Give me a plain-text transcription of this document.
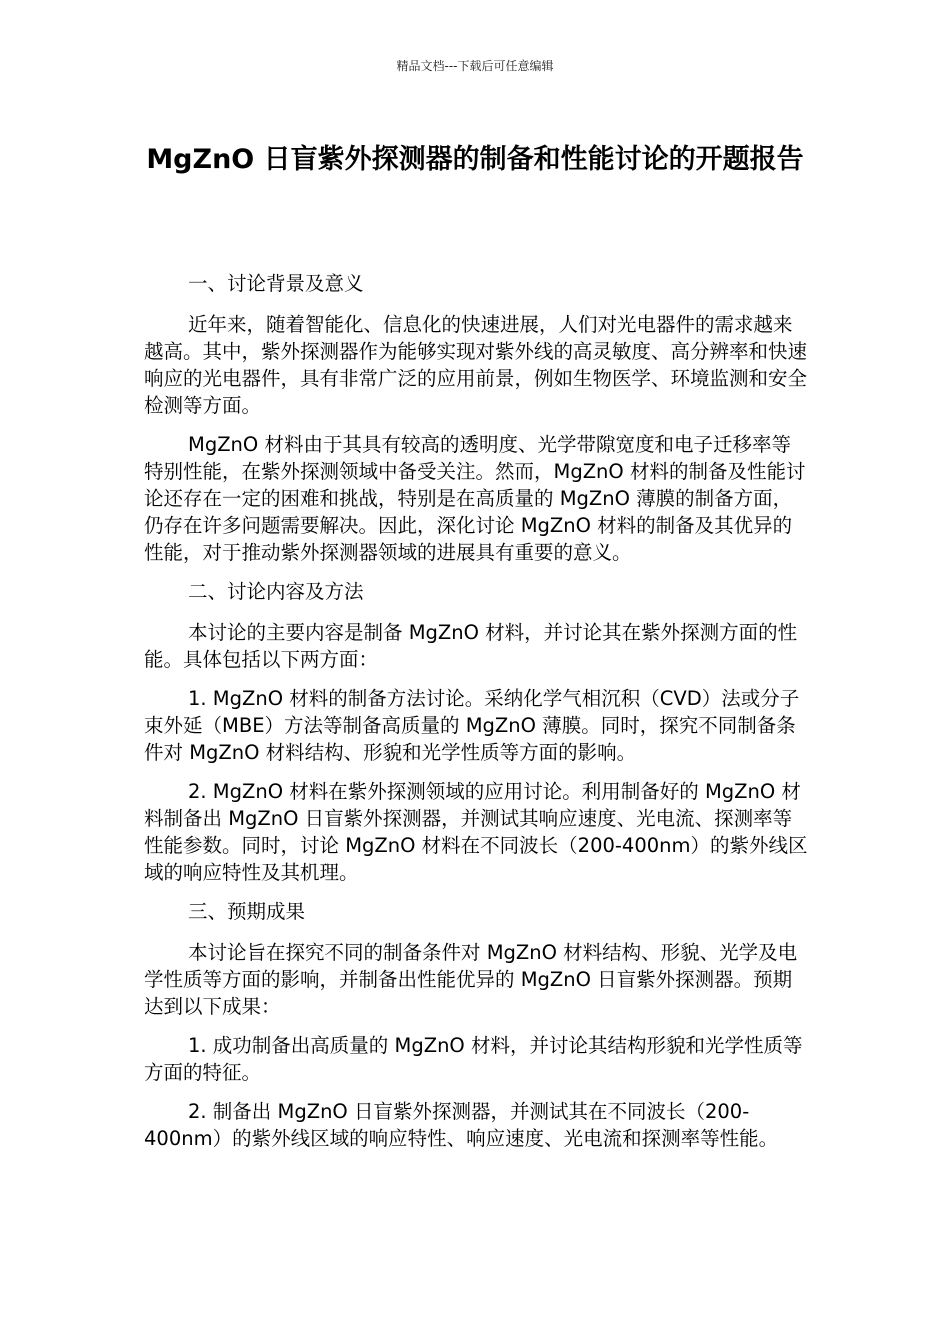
精品文档---下载后可任意编辑
MgZnO 日盲紫外探测器的制备和性能讨论的开题报告

一、讨论背景及意义

近年来，随着智能化、信息化的快速进展，人们对光电器件的需求越来越高。其中，紫外探测器作为能够实现对紫外线的高灵敏度、高分辨率和快速响应的光电器件，具有非常广泛的应用前景，例如生物医学、环境监测和安全检测等方面。

MgZnO 材料由于其具有较高的透明度、光学带隙宽度和电子迁移率等特别性能，在紫外探测领域中备受关注。然而，MgZnO 材料的制备及性能讨论还存在一定的困难和挑战，特别是在高质量的 MgZnO 薄膜的制备方面，仍存在许多问题需要解决。因此，深化讨论 MgZnO 材料的制备及其优异的性能，对于推动紫外探测器领域的进展具有重要的意义。

二、讨论内容及方法

本讨论的主要内容是制备 MgZnO 材料，并讨论其在紫外探测方面的性能。具体包括以下两方面：

1. MgZnO 材料的制备方法讨论。采纳化学气相沉积（CVD）法或分子束外延（MBE）方法等制备高质量的 MgZnO 薄膜。同时，探究不同制备条件对 MgZnO 材料结构、形貌和光学性质等方面的影响。

2. MgZnO 材料在紫外探测领域的应用讨论。利用制备好的 MgZnO 材料制备出 MgZnO 日盲紫外探测器，并测试其响应速度、光电流、探测率等性能参数。同时，讨论 MgZnO 材料在不同波长（200-400nm）的紫外线区域的响应特性及其机理。

三、预期成果

本讨论旨在探究不同的制备条件对 MgZnO 材料结构、形貌、光学及电学性质等方面的影响，并制备出性能优异的 MgZnO 日盲紫外探测器。预期达到以下成果：

1. 成功制备出高质量的 MgZnO 材料，并讨论其结构形貌和光学性质等方面的特征。

2. 制备出 MgZnO 日盲紫外探测器，并测试其在不同波长（200-400nm）的紫外线区域的响应特性、响应速度、光电流和探测率等性能。
